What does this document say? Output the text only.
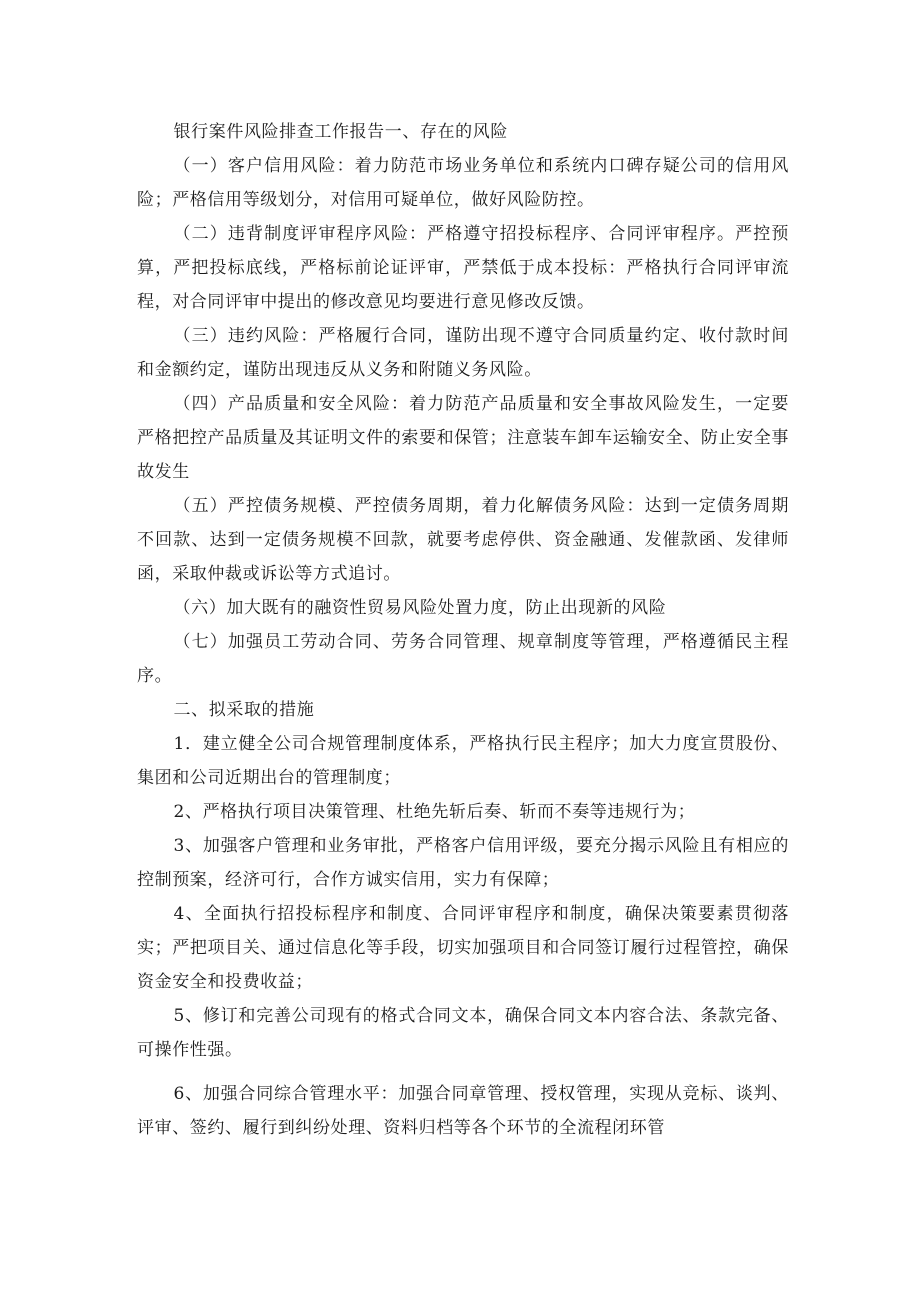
银行案件风险排查工作报告一、存在的风险

（一）客户信用风险：着力防范市场业务单位和系统内口碑存疑公司的信用风险；严格信用等级划分，对信用可疑单位，做好风险防控。

（二）违背制度评审程序风险：严格遵守招投标程序、合同评审程序。严控预算，严把投标底线，严格标前论证评审，严禁低于成本投标：严格执行合同评审流程，对合同评审中提出的修改意见均要进行意见修改反馈。

（三）违约风险：严格履行合同，谨防出现不遵守合同质量约定、收付款时间和金额约定，谨防出现违反从义务和附随义务风险。

（四）产品质量和安全风险：着力防范产品质量和安全事故风险发生，一定要严格把控产品质量及其证明文件的索要和保管；注意装车卸车运输安全、防止安全事故发生

（五）严控债务规模、严控债务周期，着力化解债务风险：达到一定债务周期不回款、达到一定债务规模不回款，就要考虑停供、资金融通、发催款函、发律师函，采取仲裁或诉讼等方式追讨。

（六）加大既有的融资性贸易风险处置力度，防止出现新的风险

（七）加强员工劳动合同、劳务合同管理、规章制度等管理，严格遵循民主程序。

二、拟采取的措施

1．建立健全公司合规管理制度体系，严格执行民主程序；加大力度宣贯股份、集团和公司近期出台的管理制度；

2、严格执行项目决策管理、杜绝先斩后奏、斩而不奏等违规行为；

3、加强客户管理和业务审批，严格客户信用评级，要充分揭示风险且有相应的控制预案，经济可行，合作方诚实信用，实力有保障；

4、全面执行招投标程序和制度、合同评审程序和制度，确保决策要素贯彻落实；严把项目关、通过信息化等手段，切实加强项目和合同签订履行过程管控，确保资金安全和投费收益；

5、修订和完善公司现有的格式合同文本，确保合同文本内容合法、条款完备、可操作性强。

6、加强合同综合管理水平：加强合同章管理、授权管理，实现从竞标、谈判、评审、签约、履行到纠纷处理、资料归档等各个环节的全流程闭环管
